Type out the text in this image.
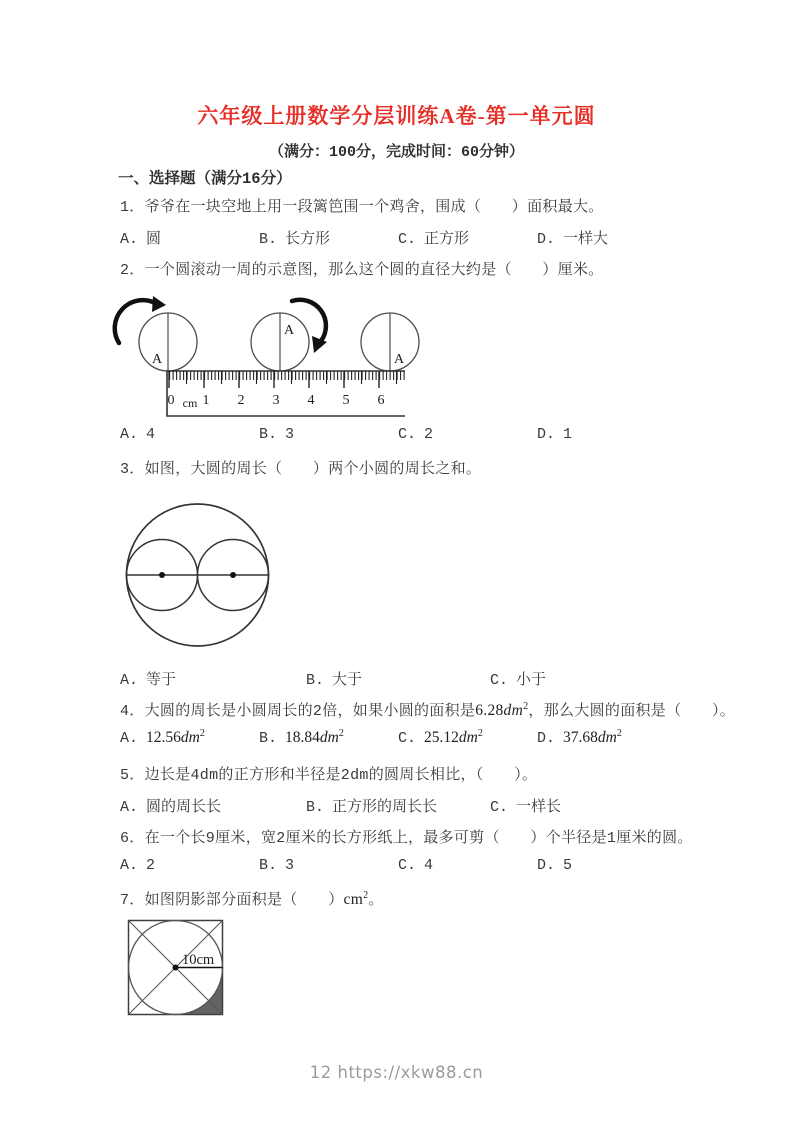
六年级上册数学分层训练A卷-第一单元圆
（满分：100分，完成时间：60分钟）
一、选择题（满分16分）
1．爷爷在一块空地上用一段篱笆围一个鸡舍，围成（　　）面积最大。
A. 圆	B. 长方形	C. 正方形	D. 一样大
2．一个圆滚动一周的示意图，那么这个圆的直径大约是（　　）厘米。
A
A
A
0 cm 1 2 3 4 5 6
A. 4	B. 3	C. 2	D. 1
3．如图，大圆的周长（　　）两个小圆的周长之和。
A. 等于	B. 大于	C. 小于
4．大圆的周长是小圆周长的2倍，如果小圆的面积是$6.28dm^2$，那么大圆的面积是（　　）。
A. $12.56dm^2$	B. $18.84dm^2$	C. $25.12dm^2$	D. $37.68dm^2$
5．边长是4dm的正方形和半径是2dm的圆周长相比，（　　）。
A. 圆的周长长	B. 正方形的周长长	C. 一样长
6．在一个长9厘米，宽2厘米的长方形纸上，最多可剪（　　）个半径是1厘米的圆。
A. 2	B. 3	C. 4	D. 5
7．如图阴影部分面积是（　　）$cm^2$。
10cm
12 https://xkw88.cn
